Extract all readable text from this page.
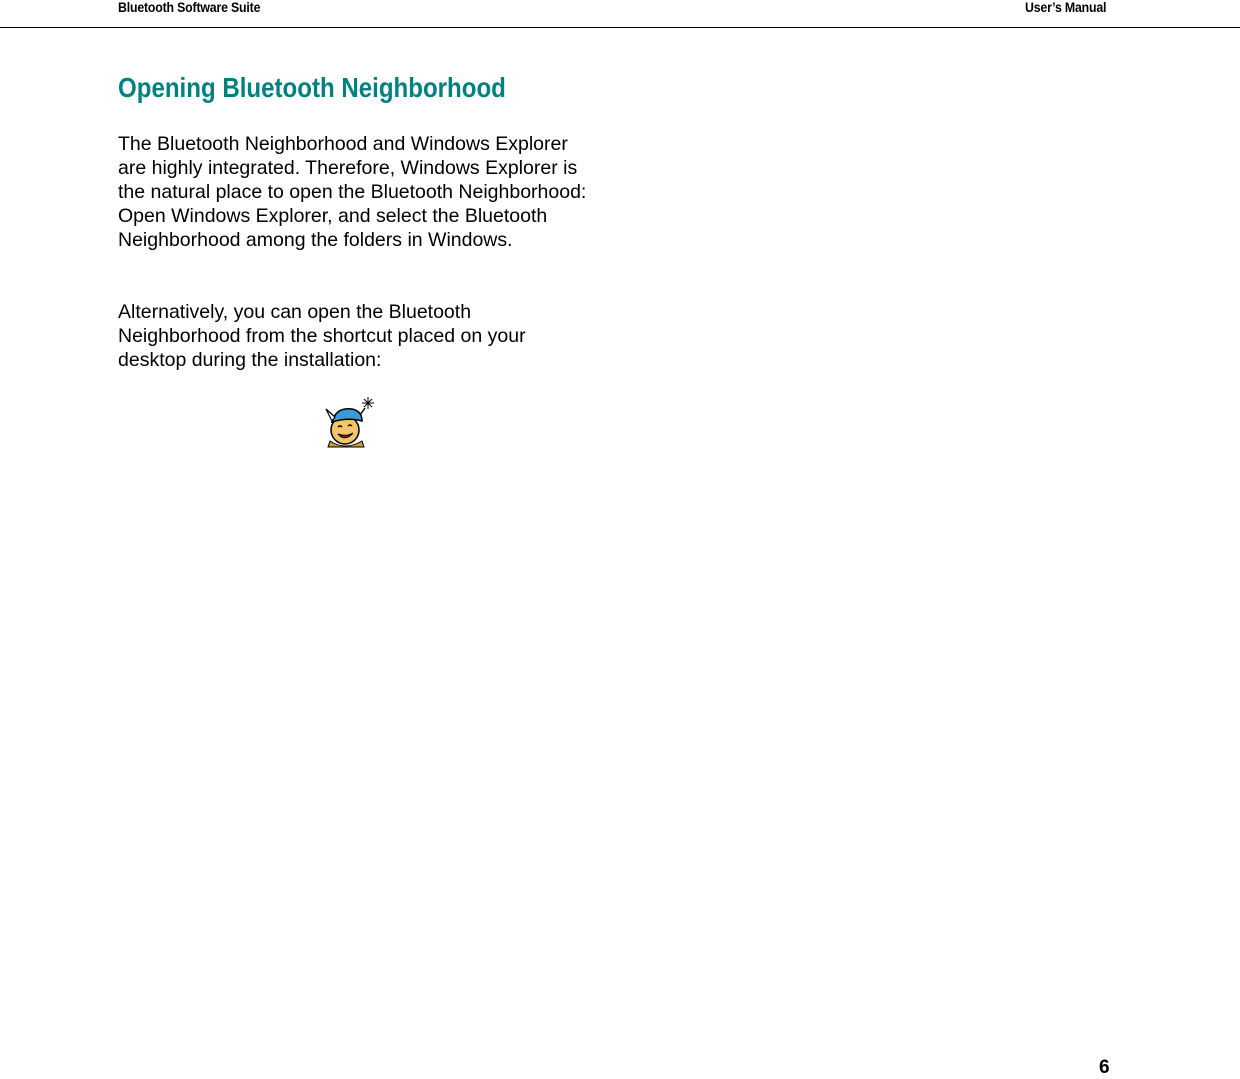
Bluetooth Software Suite	User’s Manual
Opening Bluetooth Neighborhood

The Bluetooth Neighborhood and Windows Explorer are highly integrated. Therefore, Windows Explorer is the natural place to open the Bluetooth Neighborhood: Open Windows Explorer, and select the Bluetooth Neighborhood among the folders in Windows.

Alternatively, you can open the Bluetooth Neighborhood from the shortcut placed on your desktop during the installation:

6
